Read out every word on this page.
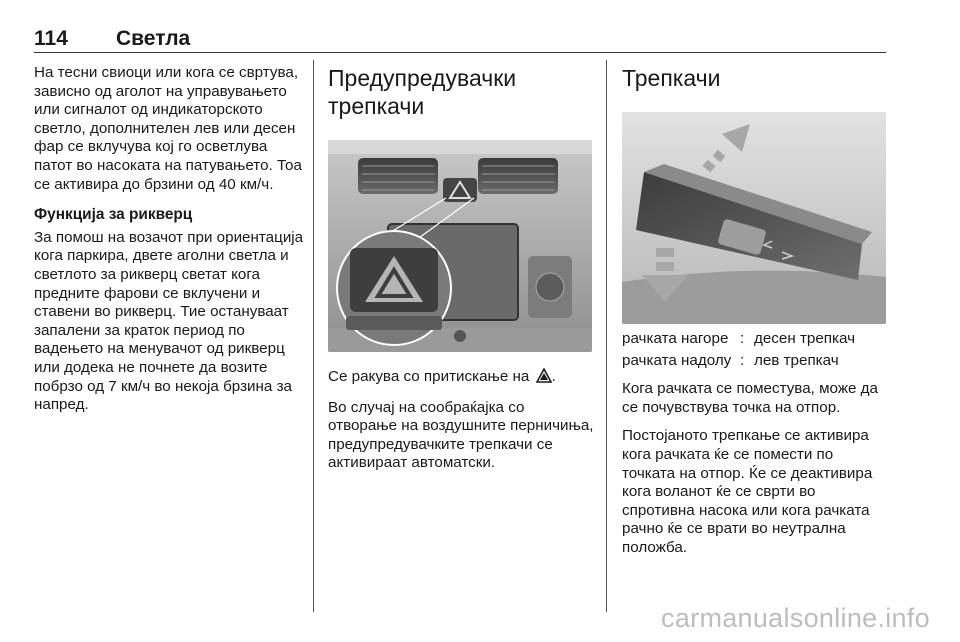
114 Светла

На тесни свиоци или кога се свртува, зависно од аголот на управувањето или сигналот од индикаторското светло, дополнителен лев или десен фар се вклучува кој го осветлува патот во насоката на патувањето. Тоа се активира до брзини од 40 км/ч.

Функција за рикверц

За помош на возачот при ориентација кога паркира, двете аголни светла и светлото за рикверц светат кога предните фарови се вклучени и ставени во рикверц. Тие остануваат запалени за краток период по вадењето на менувачот од рикверц или додека не почнете да возите побрзо од 7 км/ч во некоја брзина за напред.

Предупредувачки трепкачи

Се ракува со притискање на .

Во случај на сообраќајка со отворање на воздушните перничиња, предупредувачките трепкачи се активираат автоматски.

Трепкачи
рачката нагоре : десен трепкач
рачката надолу : лев трепкач

Кога рачката се поместува, може да се почувствува точка на отпор.

Постојаното трепкање се активира кога рачката ќе се помести по точката на отпор. Ќе се деактивира кога воланот ќе се сврти во спротивна насока или кога рачката рачно ќе се врати во неутрална положба.

carmanualsonline.info
